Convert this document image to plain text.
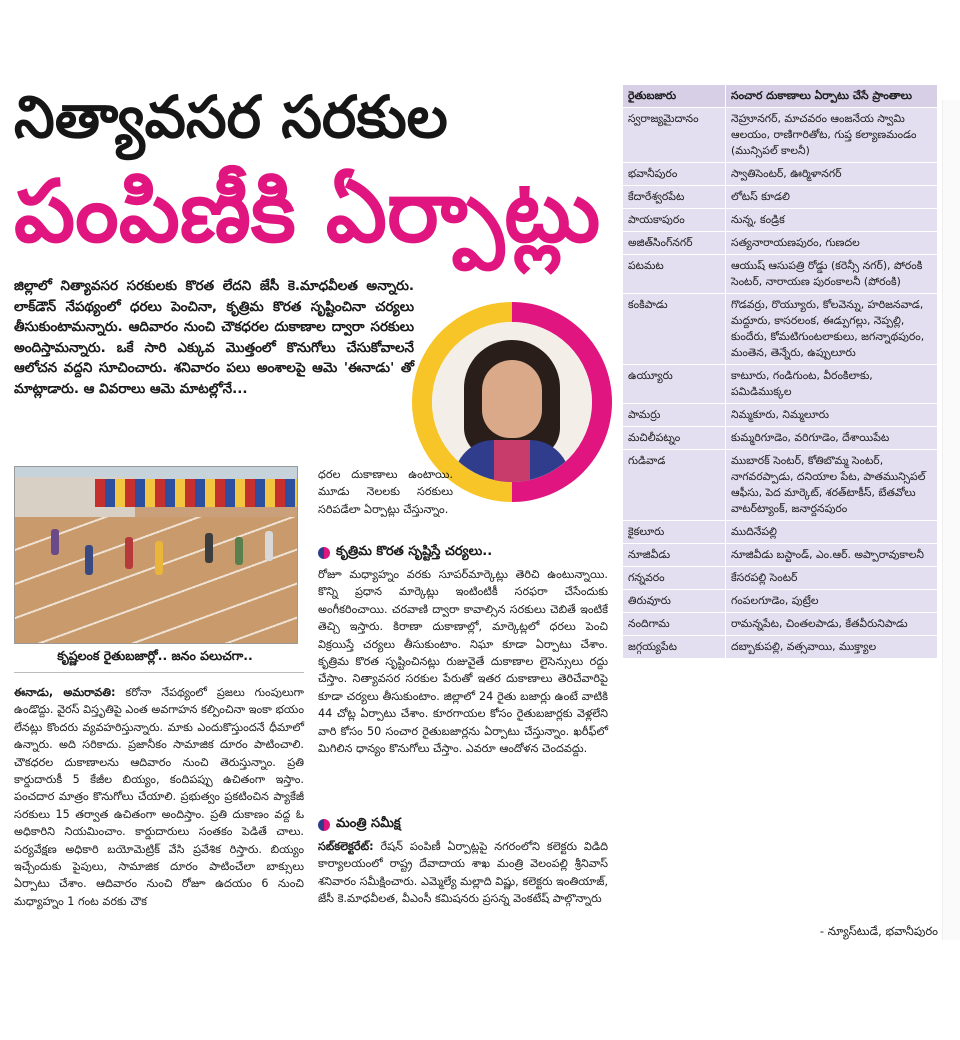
నిత్యావసర సరకుల
పంపిణీకి ఏర్పాట్లు
జిల్లాలో నిత్యావసర సరకులకు కొరత లేదని జేసీ కె.మాధవీలత అన్నారు. లాక్‌డౌన్ నేపథ్యంలో ధరలు పెంచినా, కృత్రిమ కొరత సృష్టించినా చర్యలు తీసుకుంటామన్నారు. ఆదివారం నుంచి చౌకధరల దుకాణాల ద్వారా సరకులు అందిస్తామన్నారు. ఒకే సారి ఎక్కువ మొత్తంలో కొనుగోలు చేసుకోవాలనే ఆలోచన వద్దని సూచించారు. శనివారం పలు అంశాలపై ఆమె 'ఈనాడు' తో మాట్లాడారు. ఆ వివరాలు ఆమె మాటల్లోనే...
కృష్ణలంక రైతుబజార్లో.. జనం పలుచగా..
ఈనాడు, అమరావతి: కరోనా నేపథ్యంలో ప్రజలు గుంపులుగా ఉండొద్దు. వైరస్ విస్తృతిపై ఎంత అవగాహన కల్పించినా ఇంకా భయం లేనట్లు కొందరు వ్యవహరిస్తున్నారు. మాకు ఎందుకొస్తుందనే ధీమాలో ఉన్నారు. అది సరికాదు. ప్రజానీకం సామాజిక దూరం పాటించాలి. చౌకధరల దుకాణాలను ఆదివారం నుంచి తెరుస్తున్నాం. ప్రతి కార్డుదారుకీ 5 కేజీల బియ్యం, కందిపప్పు ఉచితంగా ఇస్తాం. పంచదార మాత్రం కొనుగోలు చేయాలి. ప్రభుత్వం ప్రకటించిన ప్యాకేజీ సరకులు 15 తర్వాత ఉచితంగా అందిస్తాం. ప్రతి దుకాణం వద్ద ఓ అధికారిని నియమించాం. కార్డుదారులు సంతకం పెడితే చాలు. పర్యవేక్షణ అధికారి బయోమెట్రిక్ వేసి ప్రవేశిక రిస్తారు. బియ్యం ఇచ్చేందుకు పైపులు, సామాజిక దూరం పాటించేలా బాక్సులు ఏర్పాటు చేశాం. ఆదివారం నుంచి రోజూ ఉదయం 6 నుంచి మధ్యాహ్నం 1 గంట వరకు చౌక
ధరల దుకాణాలు ఉంటాయి. మూడు నెలలకు సరకులు సరిపడేలా ఏర్పాట్లు చేస్తున్నాం.
కృత్రిమ కొరత సృష్టిస్తే చర్యలు..
రోజూ మధ్యాహ్నం వరకు సూపర్‌మార్కెట్లు తెరిచి ఉంటున్నాయి. కొన్ని ప్రధాన మార్కెట్లు ఇంటింటికీ సరఫరా చేసేందుకు అంగీకరించాయి. చరవాణి ద్వారా కావాల్సిన సరకులు చెబితే ఇంటికే తెచ్చి ఇస్తారు. కిరాణా దుకాణాల్లో, మార్కెట్లలో ధరలు పెంచి విక్రయిస్తే చర్యలు తీసుకుంటాం. నిఘా కూడా ఏర్పాటు చేశాం. కృత్రిమ కొరత సృష్టించినట్లు రుజువైతే దుకాణాల లైసెన్సులు రద్దు చేస్తాం. నిత్యావసర సరకుల పేరుతో ఇతర దుకాణాలు తెరిచేవారిపై కూడా చర్యలు తీసుకుంటాం. జిల్లాలో 24 రైతు బజార్లు ఉంటే వాటికి 44 చోట్ల ఏర్పాటు చేశాం. కూరగాయల కోసం రైతుబజార్లకు వెళ్లలేని వారి కోసం 50 సంచార రైతుబజార్లను ఏర్పాటు చేస్తున్నాం. ఖరీఫ్‌లో మిగిలిన ధాన్యం కొనుగోలు చేస్తాం. ఎవరూ ఆందోళన చెందవద్దు.
మంత్రి సమీక్ష
సబ్‌కలెక్టరేట్: రేషన్ పంపిణీ ఏర్పాట్లపై నగరంలోని కలెక్టరు విడిది కార్యాలయంలో రాష్ట్ర దేవాదాయ శాఖ మంత్రి వెలంపల్లి శ్రీనివాస్ శనివారం సమీక్షించారు. ఎమ్మెల్యే మల్లాది విష్ణు, కలెక్టరు ఇంతియాజ్, జేసీ కె.మాధవీలత, వీఎంసీ కమిషనరు ప్రసన్న వెంకటేష్ పాల్గొన్నారు
రైతుబజారు	సంచార దుకాణాలు ఏర్పాటు చేసే ప్రాంతాలు
స్వరాజ్యమైదానం	నెహ్రూనగర్, మాచవరం ఆంజనేయ స్వామి ఆలయం, రాణిగారితోట, గుప్త కల్యాణమండం (మున్సిపల్ కాలనీ)
భవానీపురం	స్వాతిసెంటర్, ఊర్మిళానగర్
కేదారేశ్వరపేట	లోటస్ కూడలి
పాయకాపురం	నున్న, కండ్రిక
అజిత్‌సింగ్‌నగర్	సత్యనారాయణపురం, గుణదల
పటమట	ఆయుష్ ఆసుపత్రి రోడ్డు (కరెన్సీ నగర్), పోరంకి సెంటర్, నారాయణ పురంకాలనీ (పోరంకి)
కంకిపాడు	గొడవర్రు, రొయ్యూరు, కోలవెన్ను, హరిజనవాడ, మద్దూరు, కాసరలంక, ఈడ్పుగల్లు, నెప్పల్లి, కుందేరు, కోమటిగుంటలాకులు, జగన్నాథపురం, మంతెన, తెన్నేరు, ఉప్పులూరు
ఉయ్యూరు	కాటూరు, గండిగుంట, వీరంకిలాకు, పమిడిముక్కల
పామర్రు	నిమ్మకూరు, నిమ్మలూరు
మచిలీపట్నం	కుమ్మరిగూడెం, వరిగూడెం, దేశాయిపేట
గుడివాడ	ముబారక్ సెంటర్, కోతిబొమ్మ సెంటర్, నాగవరప్పాడు, దనియాల పేట, పాతమున్సిపల్ ఆఫీసు, పెద మార్కెట్, శరత్‌టాకీస్, బేతవోలు వాటర్‌ట్యాంక్, జనార్దనపురం
కైకలూరు	ముదినేపల్లి
నూజివీడు	నూజివీడు బస్టాండ్, ఎం.ఆర్. అప్పారావుకాలనీ
గన్నవరం	కేసరపల్లి సెంటర్
తిరువూరు	గంపలగూడెం, పుట్రేల
నందిగామ	రామన్నపేట, చింతలపాడు, కేతవీరునిపాడు
జగ్గయ్యపేట	దబ్బాకుపల్లి, వత్సవాయి, ముక్త్యాల
- న్యూస్‌టుడే, భవానీపురం
